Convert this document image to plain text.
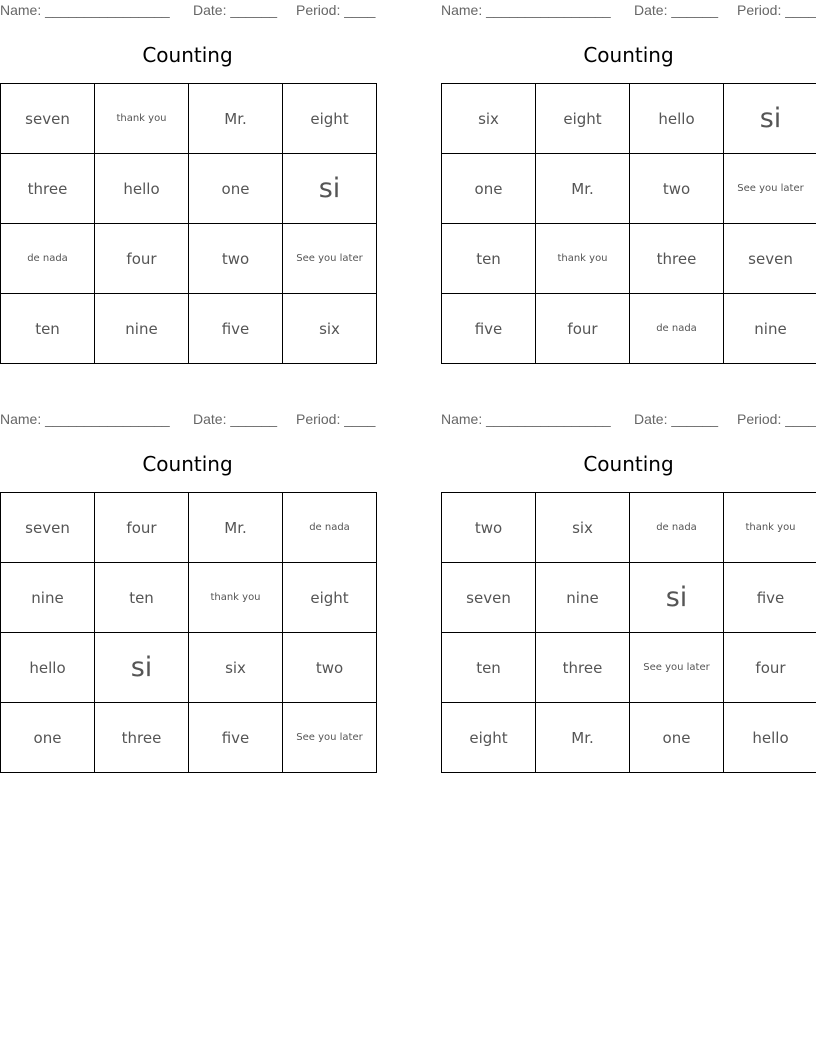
Name: ________________ Date: ______ Period: ____
Counting
seven	thank you	Mr.	eight
three	hello	one	si
de nada	four	two	See you later
ten	nine	five	six
Name: ________________ Date: ______ Period: ____
Counting
six	eight	hello	si
one	Mr.	two	See you later
ten	thank you	three	seven
five	four	de nada	nine
Name: ________________ Date: ______ Period: ____
Counting
seven	four	Mr.	de nada
nine	ten	thank you	eight
hello	si	six	two
one	three	five	See you later
Name: ________________ Date: ______ Period: ____
Counting
two	six	de nada	thank you
seven	nine	si	five
ten	three	See you later	four
eight	Mr.	one	hello
